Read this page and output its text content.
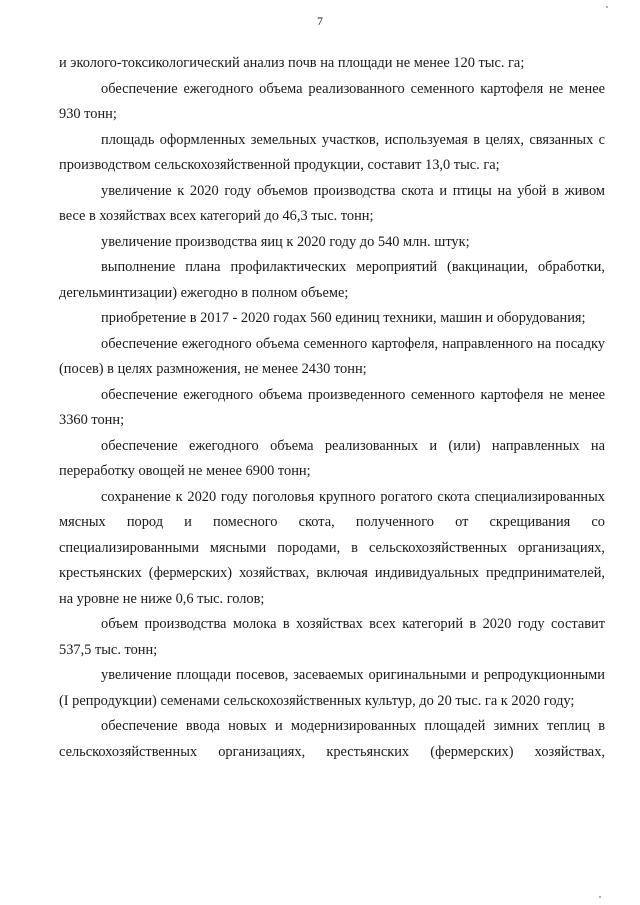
7

и эколого-токсикологический анализ почв на площади не менее 120 тыс. га;

обеспечение ежегодного объема реализованного семенного картофеля не менее 930 тонн;

площадь оформленных земельных участков, используемая в целях, связанных с производством сельскохозяйственной продукции, составит 13,0 тыс. га;

увеличение к 2020 году объемов производства скота и птицы на убой в живом весе в хозяйствах всех категорий до 46,3 тыс. тонн;

увеличение производства яиц к 2020 году до 540 млн. штук;

выполнение плана профилактических мероприятий (вакцинации, обработки, дегельминтизации) ежегодно в полном объеме;

приобретение в 2017 - 2020 годах 560 единиц техники, машин и оборудования;

обеспечение ежегодного объема семенного картофеля, направленного на посадку (посев) в целях размножения, не менее 2430 тонн;

обеспечение ежегодного объема произведенного семенного картофеля не менее 3360 тонн;

обеспечение ежегодного объема реализованных и (или) направленных на переработку овощей не менее 6900 тонн;

сохранение к 2020 году поголовья крупного рогатого скота специализированных мясных пород и помесного скота, полученного от скрещивания со специализированными мясными породами, в сельскохозяйственных организациях, крестьянских (фермерских) хозяйствах, включая индивидуальных предпринимателей, на уровне не ниже 0,6 тыс. голов;

объем производства молока в хозяйствах всех категорий в 2020 году составит 537,5 тыс. тонн;

увеличение площади посевов, засеваемых оригинальными и репродукционными (I репродукции) семенами сельскохозяйственных культур, до 20 тыс. га к 2020 году;

обеспечение ввода новых и модернизированных площадей зимних теплиц в сельскохозяйственных организациях, крестьянских (фермерских) хозяйствах,
